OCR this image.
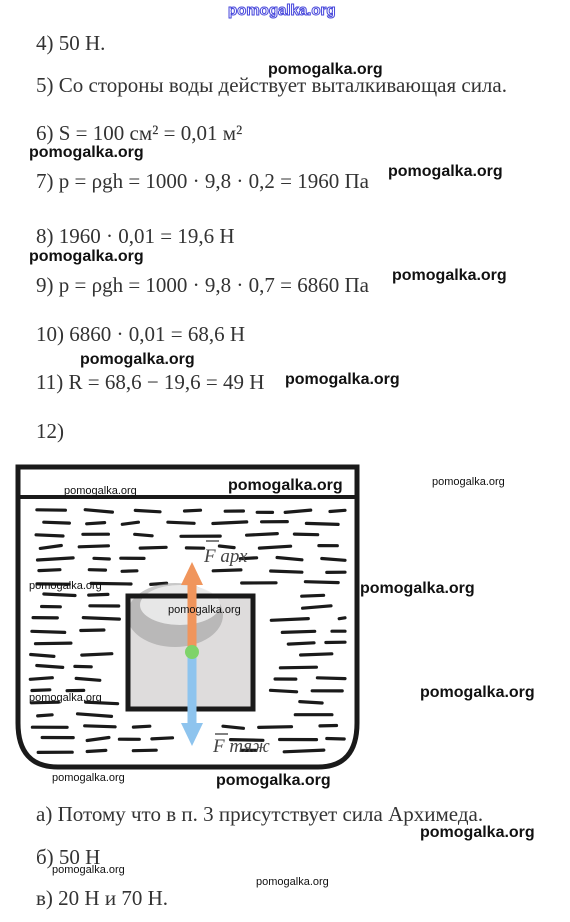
pomogalka.org
4) 50 Н.
5) Со стороны воды действует выталкивающая сила.
6) S = 100 см² = 0,01 м²
7) p = ρgh = 1000 · 9,8 · 0,2 = 1960 Па
8) 1960 · 0,01 = 19,6 Н
9) p = ρgh = 1000 · 9,8 · 0,7 = 6860 Па
10) 6860 · 0,01 = 68,6 Н
11) R = 68,6 − 19,6 = 49 Н
12)
F арх
F тяж
а) Потому что в п. 3 присутствует сила Архимеда.
б) 50 Н
в) 20 Н и 70 Н.
pomogalka.org
pomogalka.org
pomogalka.org
pomogalka.org
pomogalka.org
pomogalka.org
pomogalka.org
pomogalka.org	pomogalka.org	pomogalka.org
pomogalka.org	pomogalka.org
pomogalka.org
pomogalka.org	pomogalka.org
pomogalka.org	pomogalka.org
pomogalka.org
pomogalka.org
pomogalka.org
